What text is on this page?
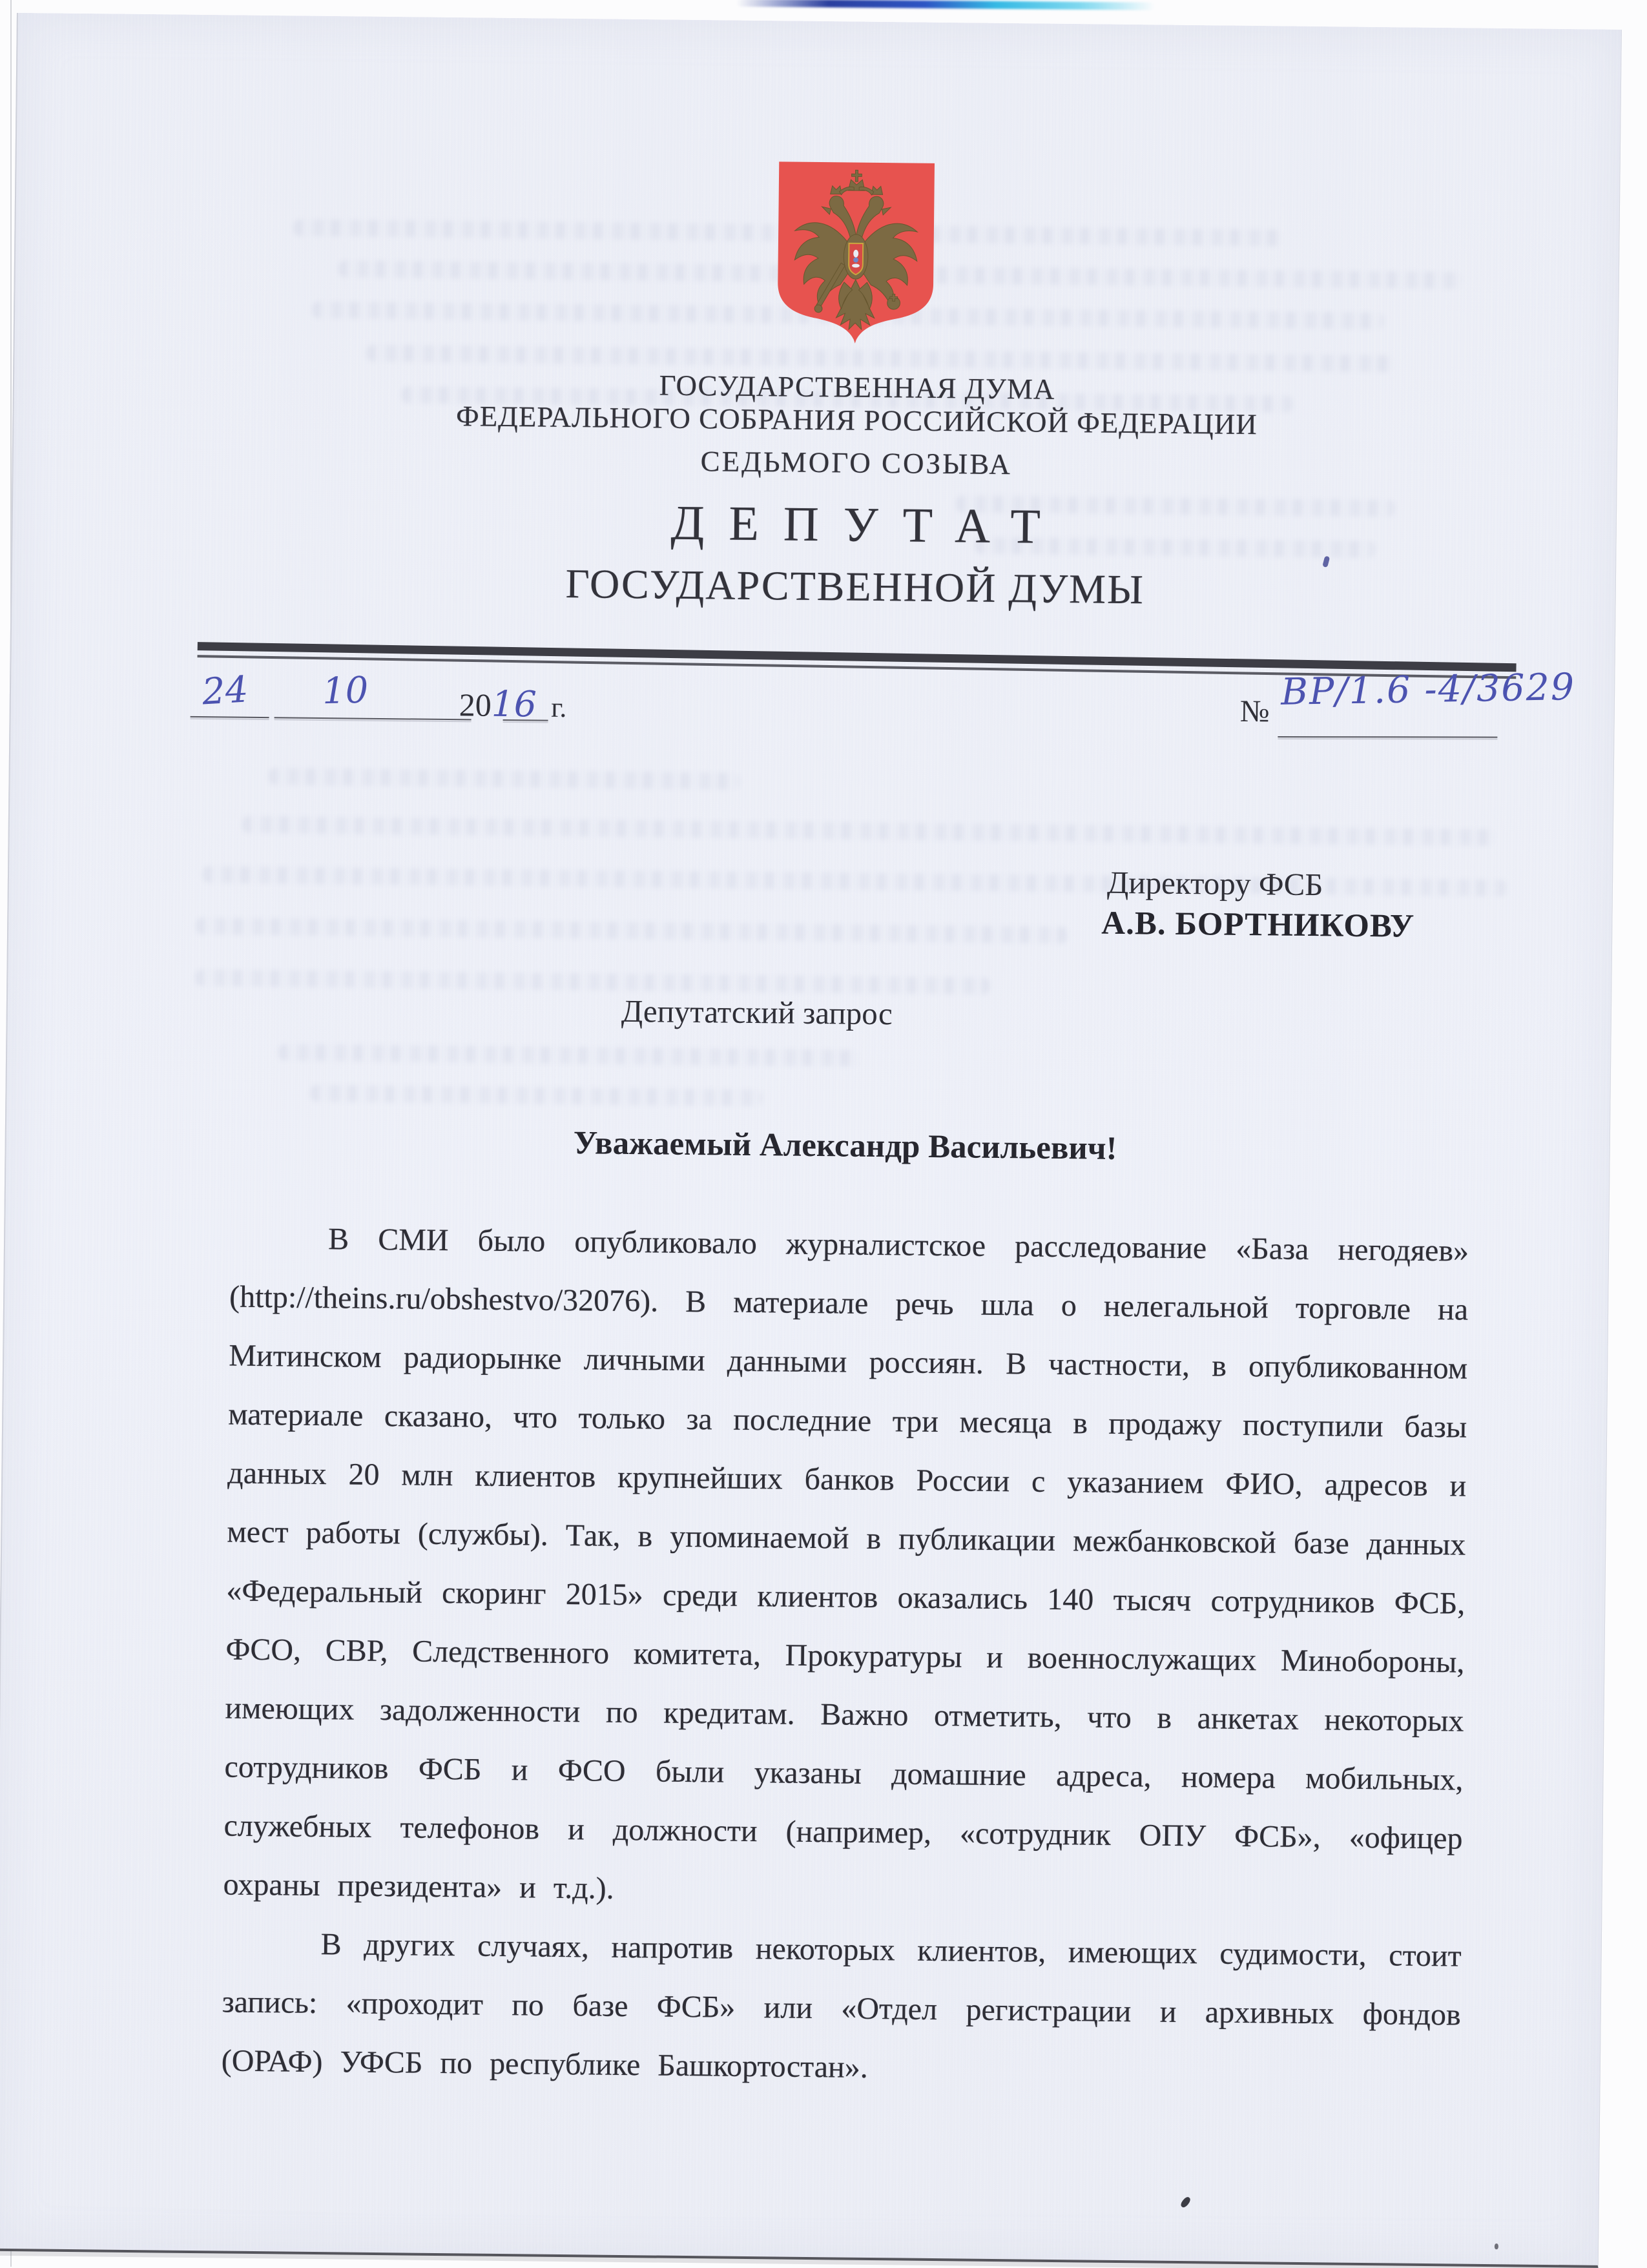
ГОСУДАРСТВЕННАЯ ДУМА
ФЕДЕРАЛЬНОГО СОБРАНИЯ РОССИЙСКОЙ ФЕДЕРАЦИИ
СЕДЬМОГО СОЗЫВА
ДЕПУТАТ
ГОСУДАРСТВЕННОЙ ДУМЫ
24 10	2016 г.	№ ВР/1.6 -4/3629
Директору ФСБ
А.В. БОРТНИКОВУ
Депутатский запрос
Уважаемый Александр Васильевич!

В СМИ было опубликовало журналистское расследование «База негодяев» (http://theins.ru/obshestvo/32076). В материале речь шла о нелегальной торговле на Митинском радиорынке личными данными россиян. В частности, в опубликованном материале сказано, что только за последние три месяца в продажу поступили базы данных 20 млн клиентов крупнейших банков России с указанием ФИО, адресов и мест работы (службы). Так, в упоминаемой в публикации межбанковской базе данных «Федеральный скоринг 2015» среди клиентов оказались 140 тысяч сотрудников ФСБ, ФСО, СВР, Следственного комитета, Прокуратуры и военнослужащих Минобороны, имеющих задолженности по кредитам. Важно отметить, что в анкетах некоторых сотрудников ФСБ и ФСО были указаны домашние адреса, номера мобильных, служебных телефонов и должности (например, «сотрудник ОПУ ФСБ», «офицер охраны президента» и т.д.).

В других случаях, напротив некоторых клиентов, имеющих судимости, стоит запись: «проходит по базе ФСБ» или «Отдел регистрации и архивных фондов (ОРАФ) УФСБ по республике Башкортостан».
